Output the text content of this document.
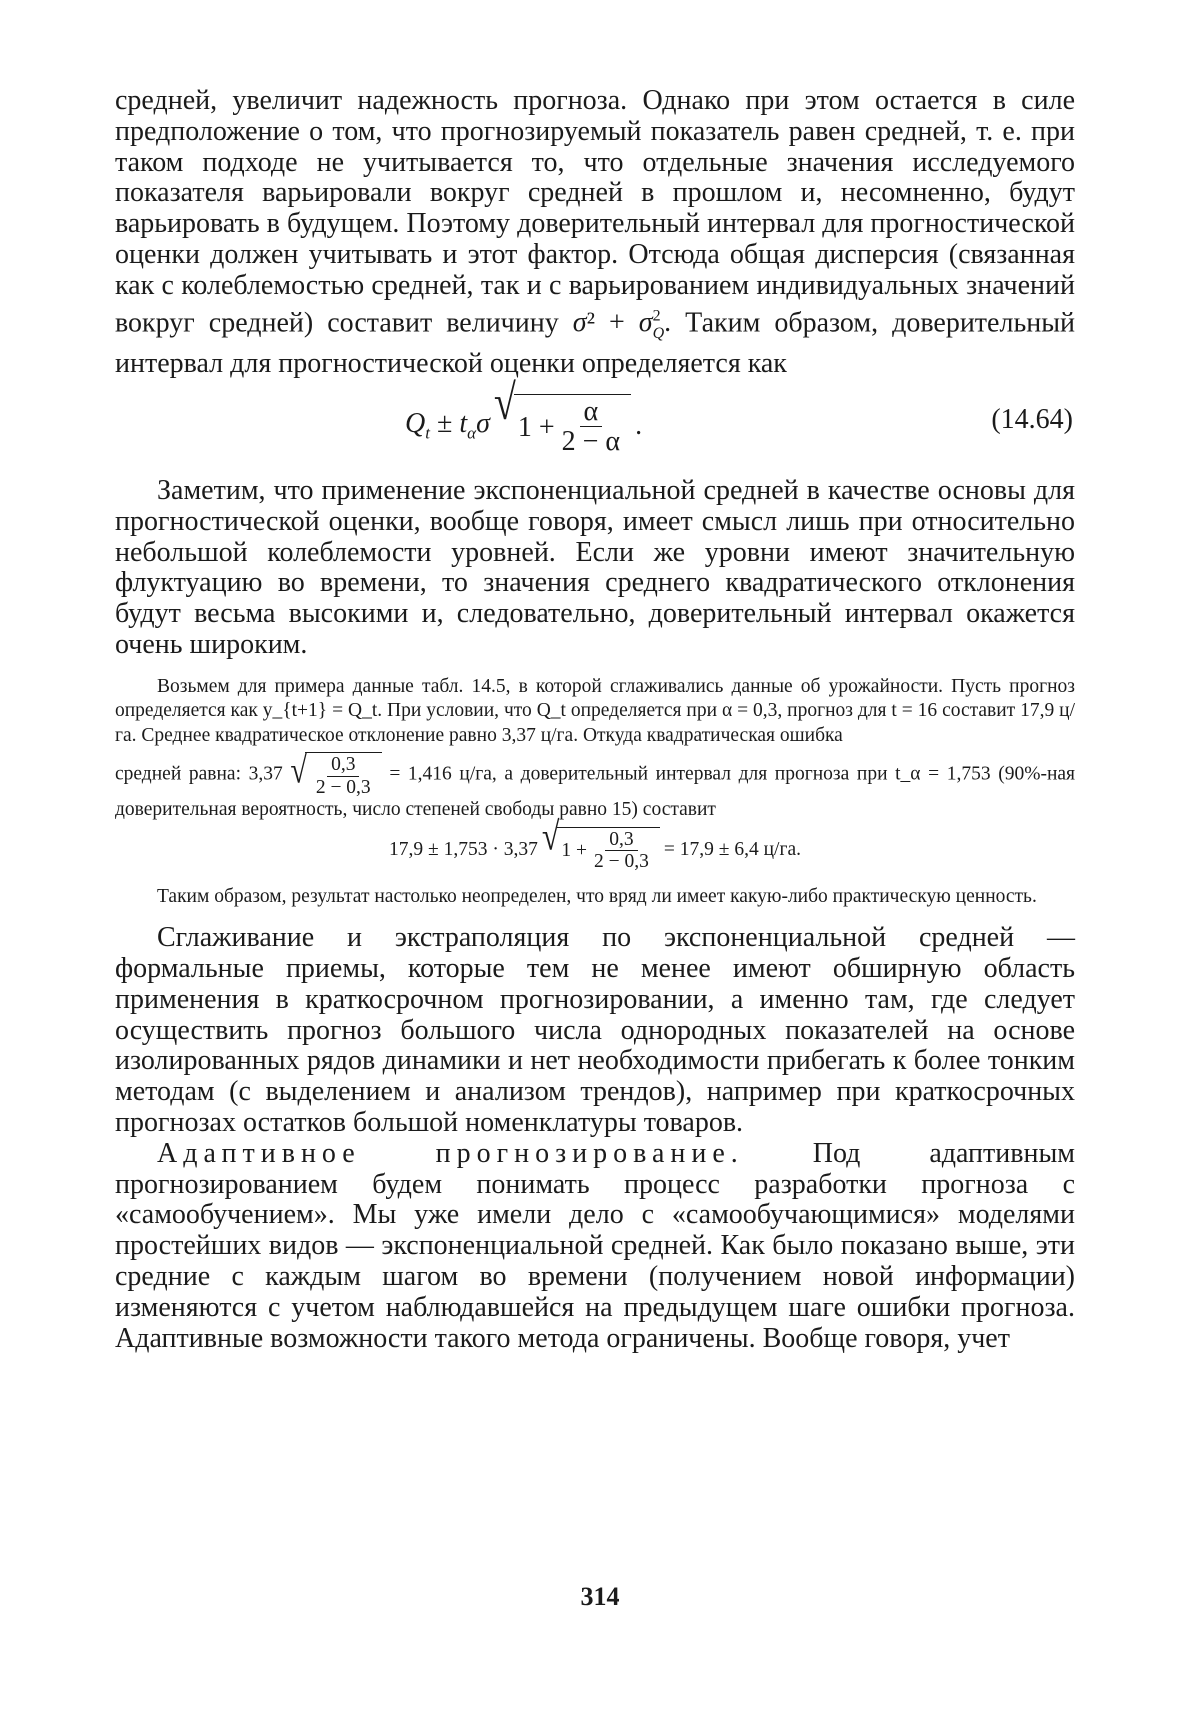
средней, увеличит надежность прогноза. Однако при этом остается в силе предположение о том, что прогнозируемый показатель равен средней, т. е. при таком подходе не учитывается то, что отдельные значения исследуемого показателя варьировали вокруг средней в прошлом и, несомненно, будут варьировать в будущем. Поэтому доверительный интервал для прогностической оценки должен учитывать и этот фактор. Отсюда общая дисперсия (связанная как с колеблемостью средней, так и с варьированием индивидуальных значений вокруг средней) составит величину $\sigma^2 + \sigma^2_Q$. Таким образом, доверительный интервал для прогностической оценки определяется как

$Q_t \pm t_\alpha\sigma$ √ $1 + \frac{\alpha}{2 - \alpha}$ .	(14.64)

Заметим, что применение экспоненциальной средней в качестве основы для прогностической оценки, вообще говоря, имеет смысл лишь при относительно небольшой колеблемости уровней. Если же уровни имеют значительную флуктуацию во времени, то значения среднего квадратического отклонения будут весьма высокими и, следовательно, доверительный интервал окажется очень широким.

Возьмем для примера данные табл. 14.5, в которой сглаживались данные об урожайности. Пусть прогноз определяется как y_{t+1} = Q_t. При условии, что Q_t определяется при α = 0,3, прогноз для t = 16 составит 17,9 ц/га. Среднее квадратическое отклонение равно 3,37 ц/га. Откуда квадратическая ошибка

средней равна: 3,37 √ $\frac{0,3}{2 - 0,3} = 1,416$ ц/га, а доверительный интервал для прогноза при t_α = 1,753 (90%-ная доверительная вероятность, число степеней свободы равно 15) составит

17,9 ± 1,753 · 3,37 √ $1 + \frac{0,3}{2 - 0,3} = 17,9 \pm 6,4$ ц/га.

Таким образом, результат настолько неопределен, что вряд ли имеет какую-либо практическую ценность.

Сглаживание и экстраполяция по экспоненциальной средней — формальные приемы, которые тем не менее имеют обширную область применения в краткосрочном прогнозировании, а именно там, где следует осуществить прогноз большого числа однородных показателей на основе изолированных рядов динамики и нет необходимости прибегать к более тонким методам (с выделением и анализом трендов), например при краткосрочных прогнозах остатков большой номенклатуры товаров.

Адаптивное прогнозирование. Под адаптивным прогнозированием будем понимать процесс разработки прогноза с «самообучением». Мы уже имели дело с «самообучающимися» моделями простейших видов — экспоненциальной средней. Как было показано выше, эти средние с каждым шагом во времени (получением новой информации) изменяются с учетом наблюдавшейся на предыдущем шаге ошибки прогноза. Адаптивные возможности такого метода ограничены. Вообще говоря, учет

314
